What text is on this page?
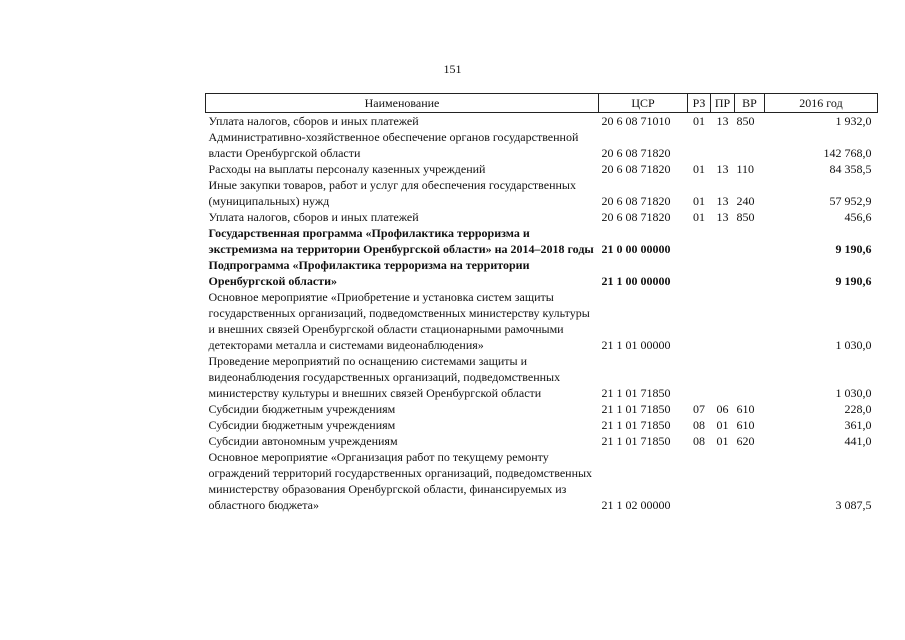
151
Наименование	ЦСР	РЗ	ПР	ВР	2016 год
Уплата налогов, сборов и иных платежей	20 6 08 71010	01	13	850	1 932,0
Административно-хозяйственное обеспечение органов государственной власти Оренбургской области	20 6 08 71820				142 768,0
Расходы на выплаты персоналу казенных учреждений	20 6 08 71820	01	13	110	84 358,5
Иные закупки товаров, работ и услуг для обеспечения государственных (муниципальных) нужд	20 6 08 71820	01	13	240	57 952,9
Уплата налогов, сборов и иных платежей	20 6 08 71820	01	13	850	456,6
Государственная программа «Профилактика терроризма и экстремизма на территории Оренбургской области» на 2014–2018 годы	21 0 00 00000				9 190,6
Подпрограмма «Профилактика терроризма на территории Оренбургской области»	21 1 00 00000				9 190,6
Основное мероприятие «Приобретение и установка систем защиты государственных организаций, подведомственных министерству культуры и внешних связей Оренбургской области стационарными рамочными детекторами металла и системами видеонаблюдения»	21 1 01 00000				1 030,0
Проведение мероприятий по оснащению системами защиты и видеонаблюдения государственных организаций, подведомственных министерству культуры и внешних связей Оренбургской области	21 1 01 71850				1 030,0
Субсидии бюджетным учреждениям	21 1 01 71850	07	06	610	228,0
Субсидии бюджетным учреждениям	21 1 01 71850	08	01	610	361,0
Субсидии автономным учреждениям	21 1 01 71850	08	01	620	441,0
Основное мероприятие «Организация работ по текущему ремонту ограждений территорий государственных организаций, подведомственных министерству образования Оренбургской области, финансируемых из областного бюджета»	21 1 02 00000				3 087,5
